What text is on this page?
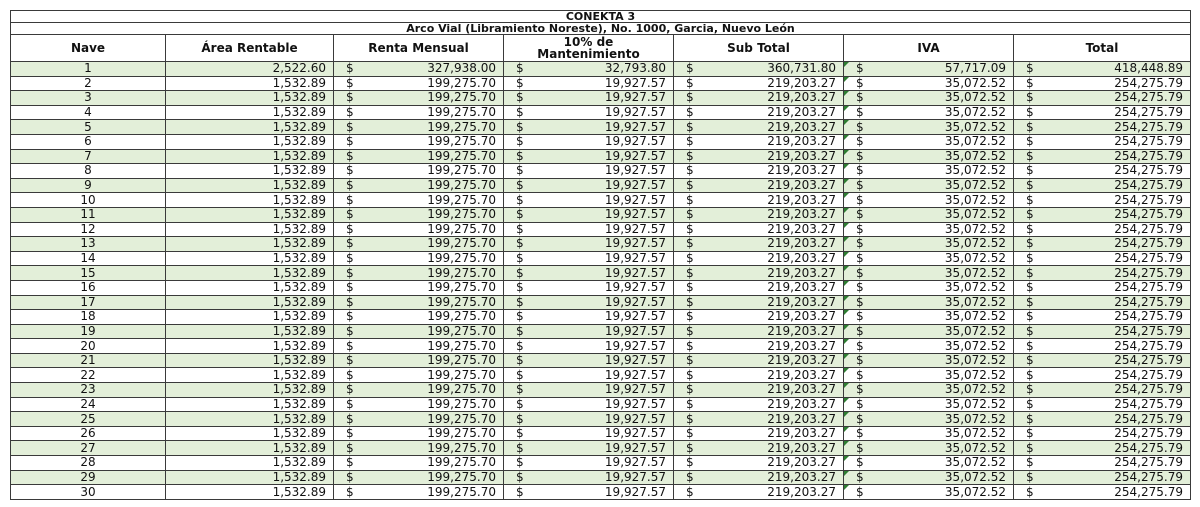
CONEKTA 3						
Arco Vial (Libramiento Noreste), No. 1000, Garcia, Nuevo León						
Nave	Área Rentable	Renta Mensual	10% de Mantenimiento	Sub Total	IVA	Total
1	2,522.60	$ 327,938.00	$ 32,793.80	$ 360,731.80	$ 57,717.09	$ 418,448.89

2	1,532.89	$ 199,275.70	$ 19,927.57	$ 219,203.27	$ 35,072.52	$ 254,275.79

3	1,532.89	$ 199,275.70	$ 19,927.57	$ 219,203.27	$ 35,072.52	$ 254,275.79

4	1,532.89	$ 199,275.70	$ 19,927.57	$ 219,203.27	$ 35,072.52	$ 254,275.79

5	1,532.89	$ 199,275.70	$ 19,927.57	$ 219,203.27	$ 35,072.52	$ 254,275.79

6	1,532.89	$ 199,275.70	$ 19,927.57	$ 219,203.27	$ 35,072.52	$ 254,275.79

7	1,532.89	$ 199,275.70	$ 19,927.57	$ 219,203.27	$ 35,072.52	$ 254,275.79

8	1,532.89	$ 199,275.70	$ 19,927.57	$ 219,203.27	$ 35,072.52	$ 254,275.79

9	1,532.89	$ 199,275.70	$ 19,927.57	$ 219,203.27	$ 35,072.52	$ 254,275.79

10	1,532.89	$ 199,275.70	$ 19,927.57	$ 219,203.27	$ 35,072.52	$ 254,275.79

11	1,532.89	$ 199,275.70	$ 19,927.57	$ 219,203.27	$ 35,072.52	$ 254,275.79

12	1,532.89	$ 199,275.70	$ 19,927.57	$ 219,203.27	$ 35,072.52	$ 254,275.79

13	1,532.89	$ 199,275.70	$ 19,927.57	$ 219,203.27	$ 35,072.52	$ 254,275.79

14	1,532.89	$ 199,275.70	$ 19,927.57	$ 219,203.27	$ 35,072.52	$ 254,275.79

15	1,532.89	$ 199,275.70	$ 19,927.57	$ 219,203.27	$ 35,072.52	$ 254,275.79

16	1,532.89	$ 199,275.70	$ 19,927.57	$ 219,203.27	$ 35,072.52	$ 254,275.79

17	1,532.89	$ 199,275.70	$ 19,927.57	$ 219,203.27	$ 35,072.52	$ 254,275.79

18	1,532.89	$ 199,275.70	$ 19,927.57	$ 219,203.27	$ 35,072.52	$ 254,275.79

19	1,532.89	$ 199,275.70	$ 19,927.57	$ 219,203.27	$ 35,072.52	$ 254,275.79

20	1,532.89	$ 199,275.70	$ 19,927.57	$ 219,203.27	$ 35,072.52	$ 254,275.79

21	1,532.89	$ 199,275.70	$ 19,927.57	$ 219,203.27	$ 35,072.52	$ 254,275.79

22	1,532.89	$ 199,275.70	$ 19,927.57	$ 219,203.27	$ 35,072.52	$ 254,275.79

23	1,532.89	$ 199,275.70	$ 19,927.57	$ 219,203.27	$ 35,072.52	$ 254,275.79

24	1,532.89	$ 199,275.70	$ 19,927.57	$ 219,203.27	$ 35,072.52	$ 254,275.79

25	1,532.89	$ 199,275.70	$ 19,927.57	$ 219,203.27	$ 35,072.52	$ 254,275.79

26	1,532.89	$ 199,275.70	$ 19,927.57	$ 219,203.27	$ 35,072.52	$ 254,275.79

27	1,532.89	$ 199,275.70	$ 19,927.57	$ 219,203.27	$ 35,072.52	$ 254,275.79

28	1,532.89	$ 199,275.70	$ 19,927.57	$ 219,203.27	$ 35,072.52	$ 254,275.79

29	1,532.89	$ 199,275.70	$ 19,927.57	$ 219,203.27	$ 35,072.52	$ 254,275.79

30	1,532.89	$ 199,275.70	$ 19,927.57	$ 219,203.27	$ 35,072.52	$ 254,275.79
